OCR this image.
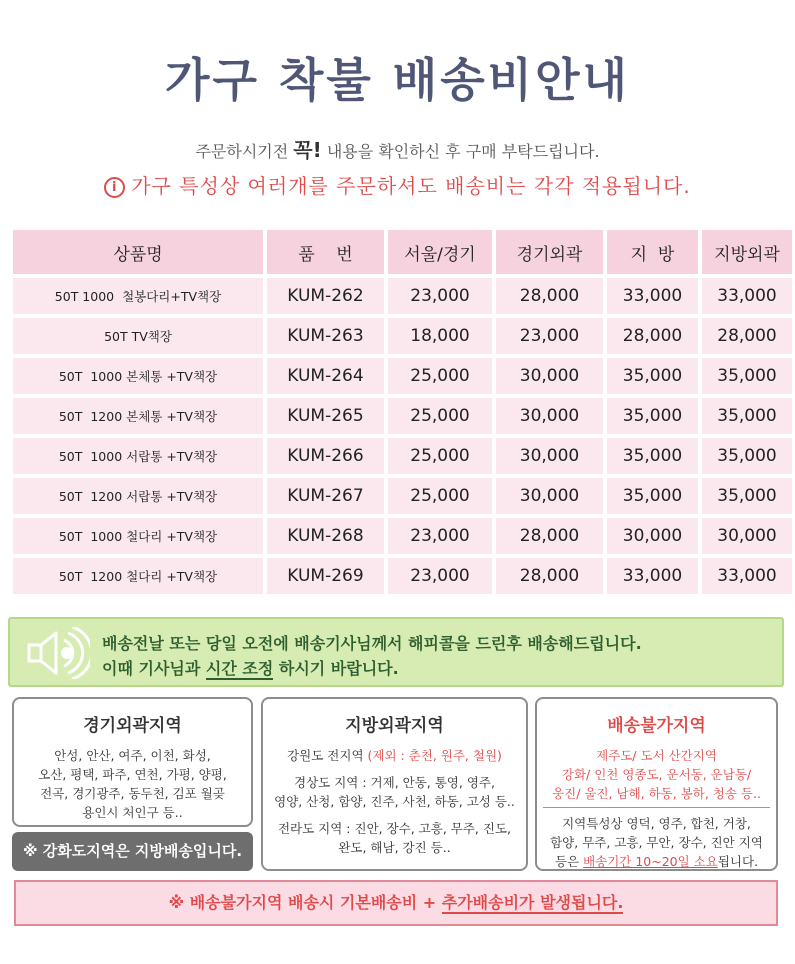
가구 착불 배송비안내
주문하시기전 꼭! 내용을 확인하신 후 구매 부탁드립니다.
i 가구 특성상 여러개를 주문하셔도 배송비는 각각 적용됩니다.
상품명	품    번	서울/경기	경기외곽	지  방	지방외곽
50T 1000  철봉다리+TV책장	KUM-262	23,000	28,000	33,000	33,000
50T TV책장	KUM-263	18,000	23,000	28,000	28,000
50T  1000 본체통 +TV책장	KUM-264	25,000	30,000	35,000	35,000
50T  1200 본체통 +TV책장	KUM-265	25,000	30,000	35,000	35,000
50T  1000 서랍통 +TV책장	KUM-266	25,000	30,000	35,000	35,000
50T  1200 서랍통 +TV책장	KUM-267	25,000	30,000	35,000	35,000
50T  1000 철다리 +TV책장	KUM-268	23,000	28,000	30,000	30,000
50T  1200 철다리 +TV책장	KUM-269	23,000	28,000	33,000	33,000
배송전날 또는 당일 오전에 배송기사님께서 해피콜을 드린후 배송해드립니다.
이때 기사님과 시간 조정 하시기 바랍니다.
경기외곽지역

안성, 안산, 여주, 이천, 화성,

오산, 평택, 파주, 연천, 가평, 양평,

전곡, 경기광주, 동두천, 김포 월곶

용인시 처인구 등..

※ 강화도지역은 지방배송입니다.
지방외곽지역

강원도 전지역 (제외 : 춘천, 원주, 철원)

경상도 지역 : 거제, 안동, 통영, 영주,

영양, 산청, 함양, 진주, 사천, 하동, 고성 등..

전라도 지역 : 진안, 장수, 고흥, 무주, 진도,

완도, 해남, 강진 등..

배송불가지역

제주도/ 도서 산간지역

강화/ 인천 영종도, 운서동, 운남동/

웅진/ 울진, 남해, 하동, 봉하, 청송 등..

지역특성상 영덕, 영주, 합천, 거창,

함양, 무주, 고흥, 무안, 장수, 진안 지역

등은 배송기간 10~20일 소요됩니다.

※ 배송불가지역 배송시 기본배송비 + 추가배송비가 발생됩니다.
